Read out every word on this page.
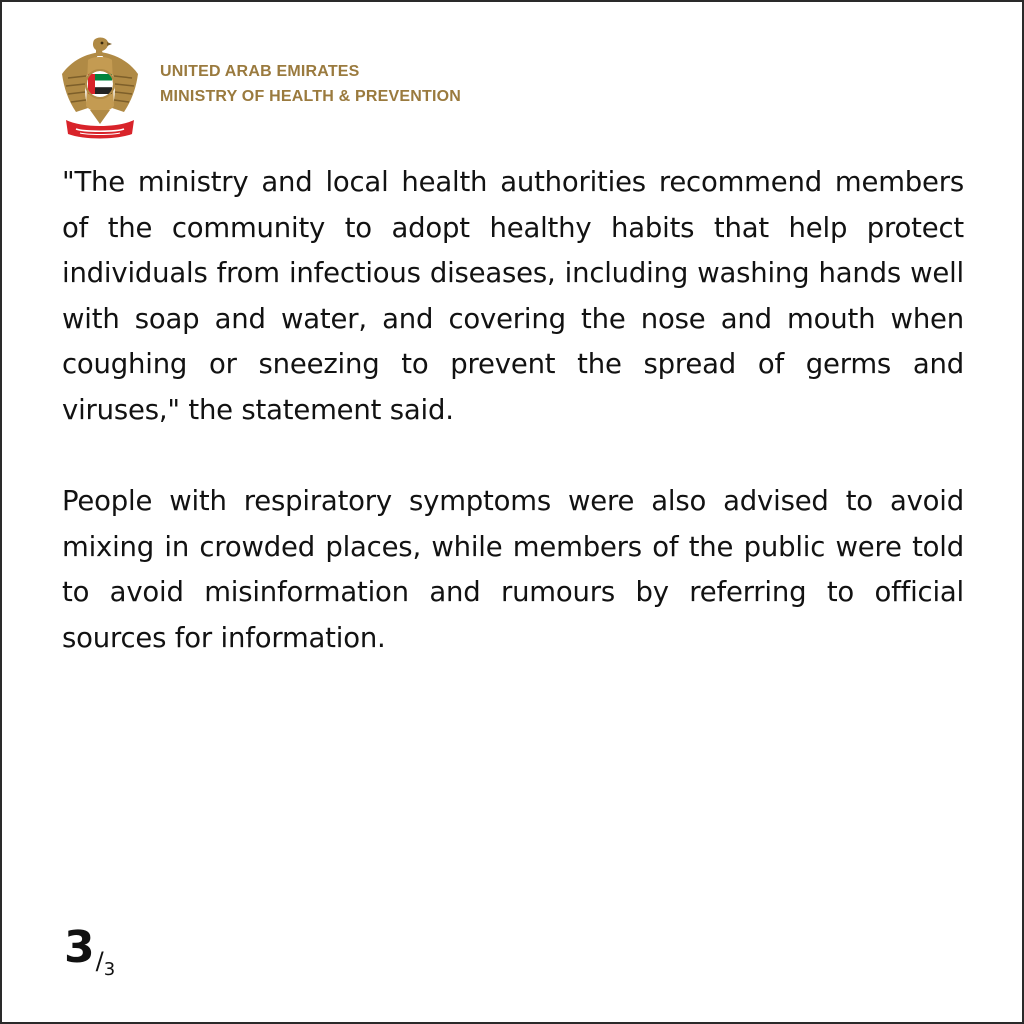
UNITED ARAB EMIRATES
MINISTRY OF HEALTH & PREVENTION

"The ministry and local health authorities recommend members of the community to adopt healthy habits that help protect individuals from infectious diseases, including washing hands well with soap and water, and covering the nose and mouth when coughing or sneezing to prevent the spread of germs and viruses," the statement said.

People with respiratory symptoms were also advised to avoid mixing in crowded places, while members of the public were told to avoid misinformation and rumours by referring to official sources for information.

3 / 3
